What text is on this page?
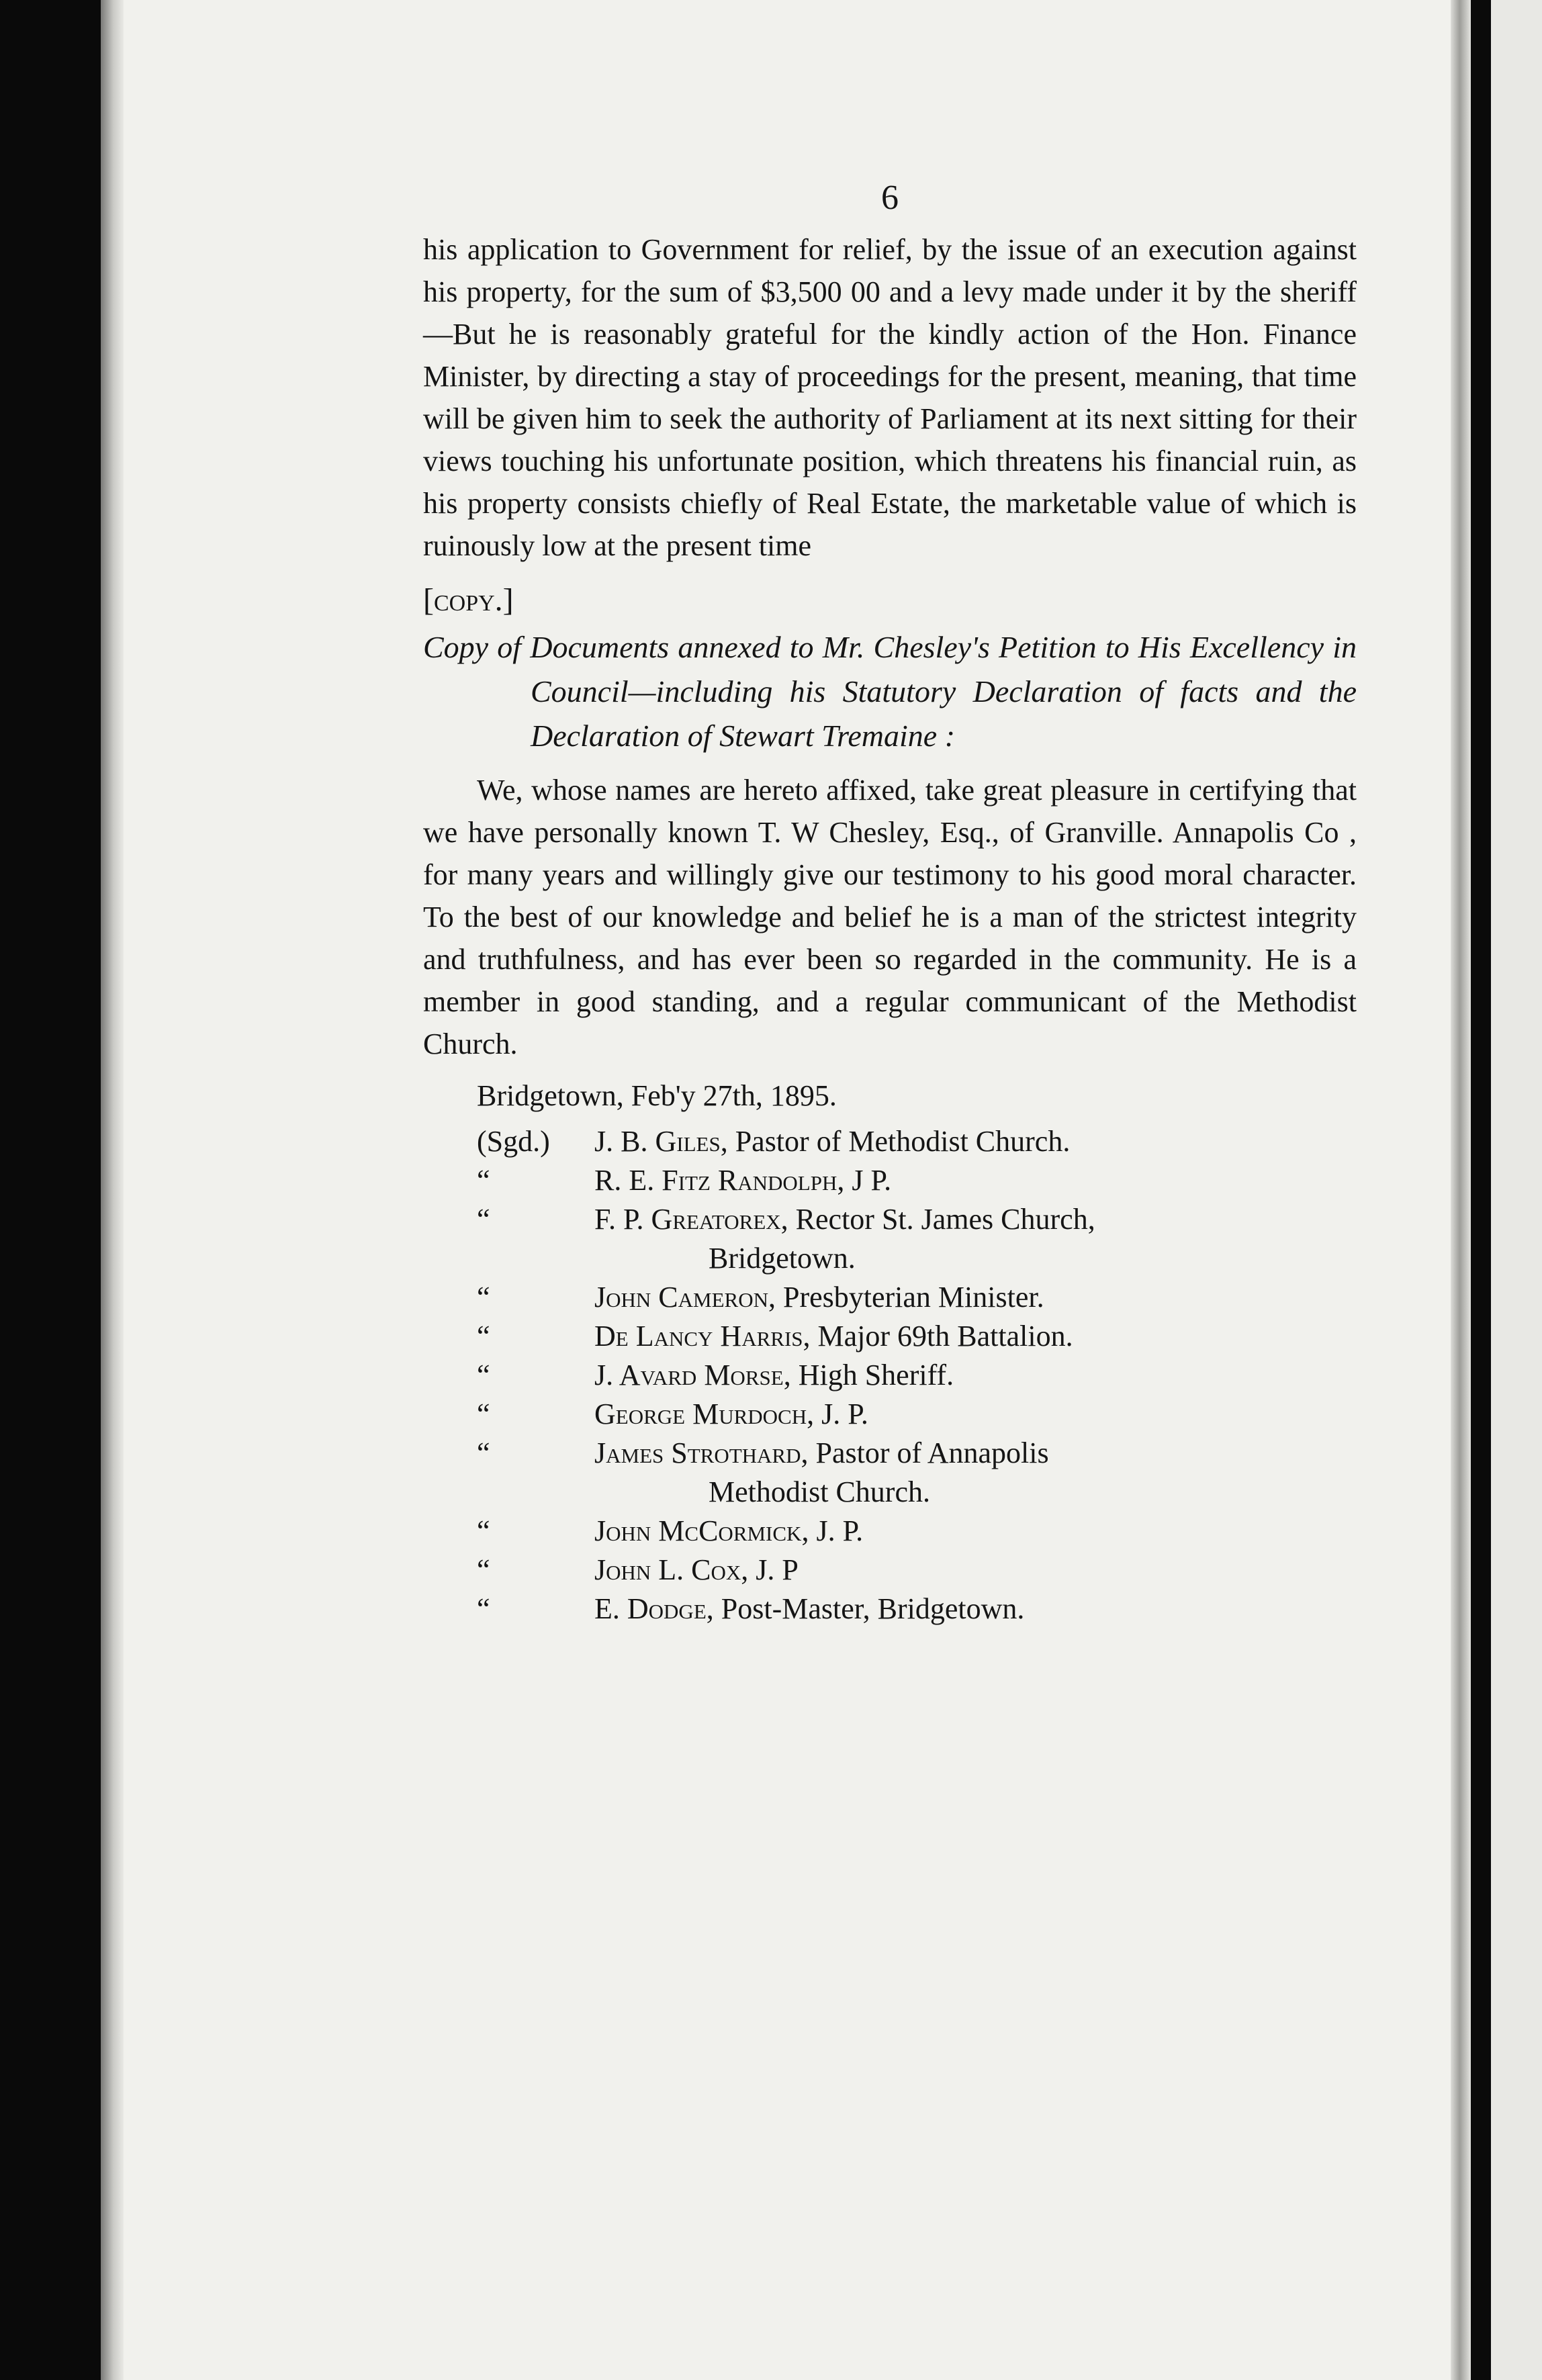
6

his application to Government for relief, by the issue of an execution against his property, for the sum of $3,500 00 and a levy made under it by the sheriff—But he is reasonably grateful for the kindly action of the Hon. Finance Minister, by directing a stay of proceedings for the present, meaning, that time will be given him to seek the authority of Parliament at its next sitting for their views touching his unfortunate position, which threatens his financial ruin, as his property consists chiefly of Real Estate, the marketable value of which is ruinously low at the present time

[copy.]

Copy of Documents annexed to Mr. Chesley's Petition to His Excellency in Council—including his Statutory Declaration of facts and the Declaration of Stewart Tremaine :

We, whose names are hereto affixed, take great pleasure in certifying that we have personally known T. W Chesley, Esq., of Granville. Annapolis Co , for many years and willingly give our testimony to his good moral character. To the best of our knowledge and belief he is a man of the strictest integrity and truthfulness, and has ever been so regarded in the community. He is a member in good standing, and a regular communicant of the Methodist Church.

Bridgetown, Feb'y 27th, 1895.
(Sgd.)	J. B. Giles, Pastor of Methodist Church.
“	R. E. Fitz Randolph, J P.
“	F. P. Greatorex, Rector St. James Church,
Bridgetown.
“	John Cameron, Presbyterian Minister.
“	De Lancy Harris, Major 69th Battalion.
“	J. Avard Morse, High Sheriff.
“	George Murdoch, J. P.
“	James Strothard, Pastor of Annapolis
Methodist Church.
“	John McCormick, J. P.
“	John L. Cox, J. P
“	E. Dodge, Post-Master, Bridgetown.
